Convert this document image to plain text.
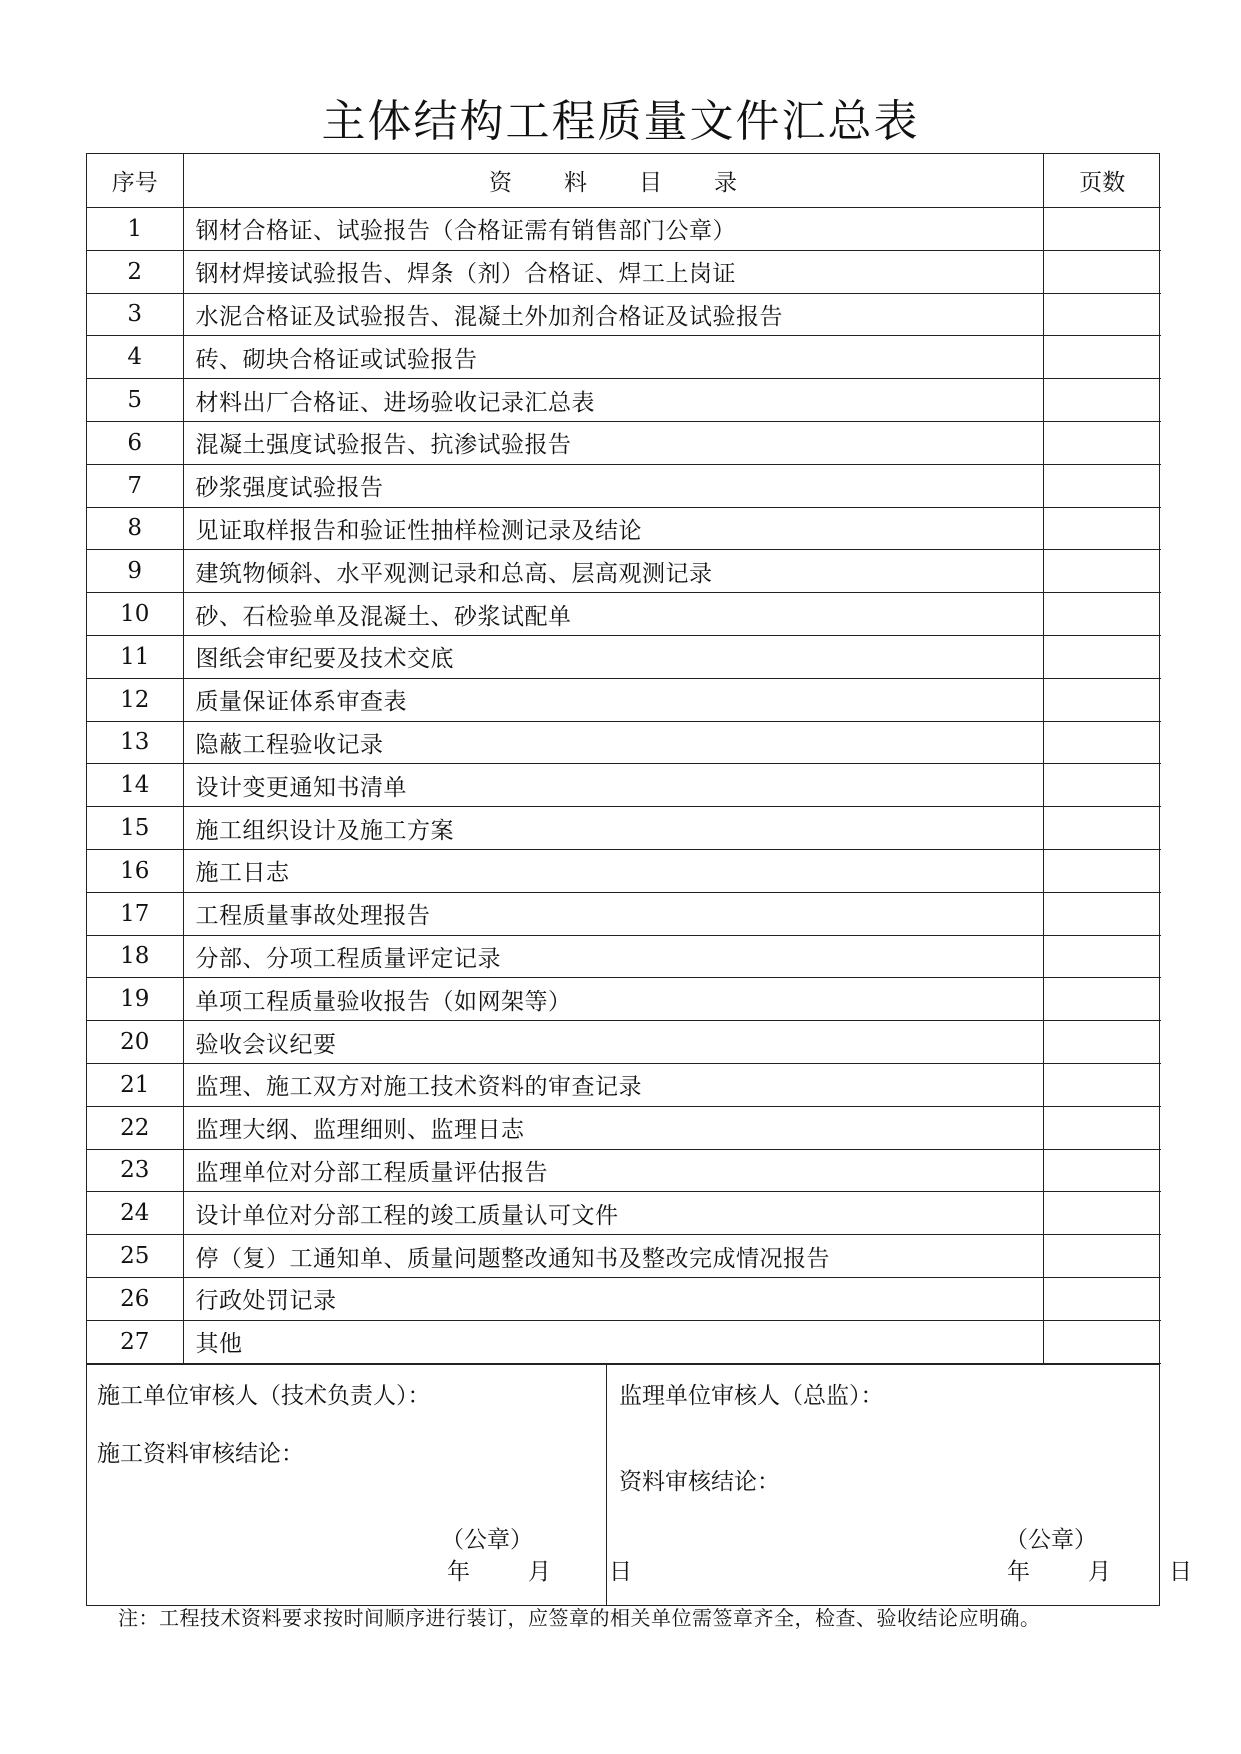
主体结构工程质量文件汇总表
序号	资料目录	页数
1	钢材合格证、试验报告（合格证需有销售部门公章）	
2	钢材焊接试验报告、焊条（剂）合格证、焊工上岗证	
3	水泥合格证及试验报告、混凝土外加剂合格证及试验报告	
4	砖、砌块合格证或试验报告	
5	材料出厂合格证、进场验收记录汇总表	
6	混凝土强度试验报告、抗渗试验报告	
7	砂浆强度试验报告	
8	见证取样报告和验证性抽样检测记录及结论	
9	建筑物倾斜、水平观测记录和总高、层高观测记录	
10	砂、石检验单及混凝土、砂浆试配单	
11	图纸会审纪要及技术交底	
12	质量保证体系审查表	
13	隐蔽工程验收记录	
14	设计变更通知书清单	
15	施工组织设计及施工方案	
16	施工日志	
17	工程质量事故处理报告	
18	分部、分项工程质量评定记录	
19	单项工程质量验收报告（如网架等）	
20	验收会议纪要	
21	监理、施工双方对施工技术资料的审查记录	
22	监理大纲、监理细则、监理日志	
23	监理单位对分部工程质量评估报告	
24	设计单位对分部工程的竣工质量认可文件	
25	停（复）工通知单、质量问题整改通知书及整改完成情况报告	
26	行政处罚记录	
27	其他	
施工单位审核人（技术负责人）：
施工资料审核结论：
（公章）
年　　月　　日
监理单位审核人（总监）：
资料审核结论：
（公章）
年　　月　　日
注：工程技术资料要求按时间顺序进行装订，应签章的相关单位需签章齐全，检查、验收结论应明确。
